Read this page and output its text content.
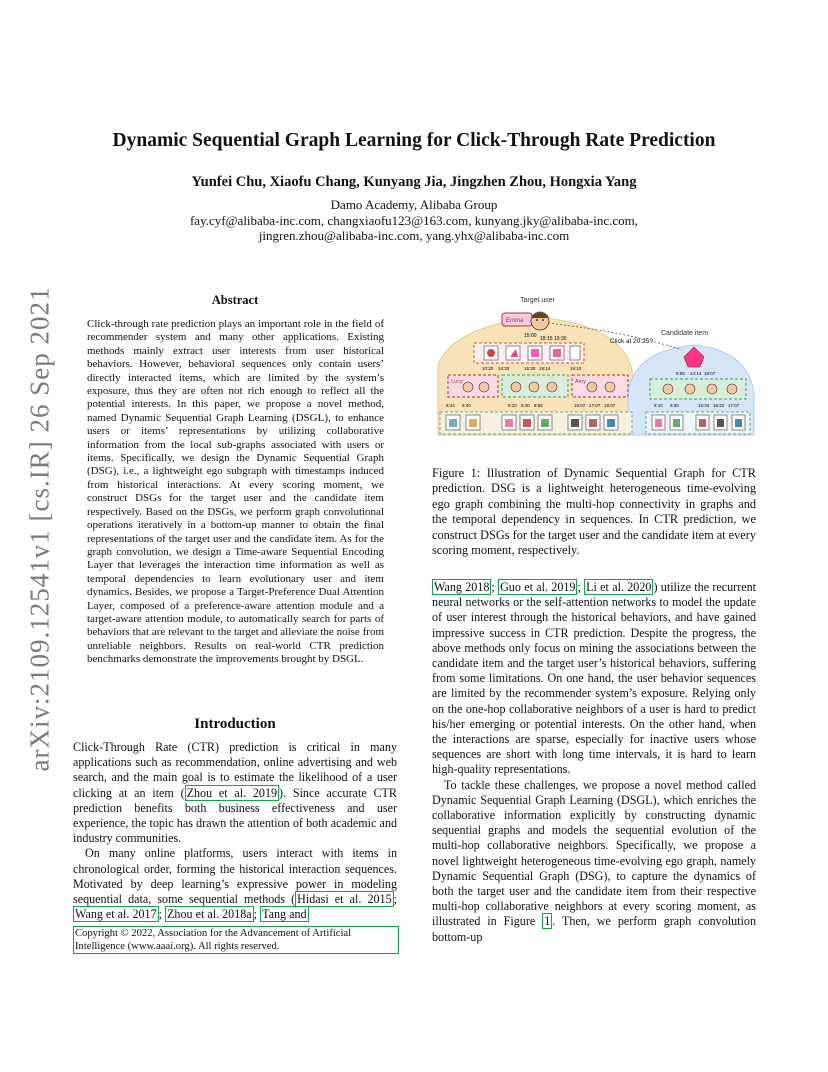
arXiv:2109.12541v1 [cs.IR] 26 Sep 2021
Dynamic Sequential Graph Learning for Click-Through Rate Prediction
Yunfei Chu, Xiaofu Chang, Kunyang Jia, Jingzhen Zhou, Hongxia Yang
Damo Academy, Alibaba Group
fay.cyf@alibaba-inc.com, changxiaofu123@163.com, kunyang.jky@alibaba-inc.com,
jingren.zhou@alibaba-inc.com, yang.yhx@alibaba-inc.com
Abstract
Click-through rate prediction plays an important role in the field of recommender system and many other applications. Existing methods mainly extract user interests from user historical behaviors. However, behavioral sequences only contain users’ directly interacted items, which are limited by the system’s exposure, thus they are often not rich enough to reflect all the potential interests. In this paper, we propose a novel method, named Dynamic Sequential Graph Learning (DSGL), to enhance users or items’ representations by utilizing collaborative information from the local sub-graphs associated with users or items. Specifically, we design the Dynamic Sequential Graph (DSG), i.e., a lightweight ego subgraph with timestamps induced from historical interactions. At every scoring moment, we construct DSGs for the target user and the candidate item respectively. Based on the DSGs, we perform graph convolutional operations iteratively in a bottom-up manner to obtain the final representations of the target user and the candidate item. As for the graph convolution, we design a Time-aware Sequential Encoding Layer that leverages the interaction time information as well as temporal dependencies to learn evolutionary user and item dynamics. Besides, we propose a Target-Preference Dual Attention Layer, composed of a preference-aware attention module and a target-aware attention module, to automatically search for parts of behaviors that are relevant to the target and alleviate the noise from unreliable neighbors. Results on real-world CTR prediction benchmarks demonstrate the improvements brought by DSGL.
Introduction

Click-Through Rate (CTR) prediction is critical in many applications such as recommendation, online advertising and web search, and the main goal is to estimate the likelihood of a user clicking at an item ( Zhou et al. 2019 ). Since accurate CTR prediction benefits both business effectiveness and user experience, the topic has drawn the attention of both academic and industry communities.

On many online platforms, users interact with items in chronological order, forming the historical interaction sequences. Motivated by deep learning’s expressive power in modeling sequential data, some sequential methods ( Hidasi et al. 2015 ; Wang et al. 2017 ; Zhou et al. 2018a ; Tang and

Copyright © 2022, Association for the Advancement of Artificial Intelligence (www.aaai.org). All rights reserved.
Target user
Candidate item
Click at 20:25?
Emma
15:00 18:15 19:30
10:20 14:33	15:30 19:14	19:10
Lucy	Amy
8:44 9:40	8:10 8:30 8:55	16:07 17:07 18:07
8:55 14:14 18:07
8:10 9:30	15:34 16:22 17:07
Figure 1: Illustration of Dynamic Sequential Graph for CTR prediction. DSG is a lightweight heterogeneous time-evolving ego graph combining the multi-hop connectivity in graphs and the temporal dependency in sequences. In CTR prediction, we construct DSGs for the target user and the candidate item at every scoring moment, respectively.

Wang 2018 ; Guo et al. 2019 ; Li et al. 2020 ) utilize the recurrent neural networks or the self-attention networks to model the update of user interest through the historical behaviors, and have gained impressive success in CTR prediction. Despite the progress, the above methods only focus on mining the associations between the candidate item and the target user’s historical behaviors, suffering from some limitations. On one hand, the user behavior sequences are limited by the recommender system’s exposure. Relying only on the one-hop collaborative neighbors of a user is hard to predict his/her emerging or potential interests. On the other hand, when the interactions are sparse, especially for inactive users whose sequences are short with long time intervals, it is hard to learn high-quality representations.

To tackle these challenges, we propose a novel method called Dynamic Sequential Graph Learning (DSGL), which enriches the collaborative information explicitly by constructing dynamic sequential graphs and models the sequential evolution of the multi-hop collaborative neighbors. Specifically, we propose a novel lightweight heterogeneous time-evolving ego graph, namely Dynamic Sequential Graph (DSG), to capture the dynamics of both the target user and the candidate item from their respective multi-hop collaborative neighbors at every scoring moment, as illustrated in Figure 1 . Then, we perform graph convolution bottom-up
